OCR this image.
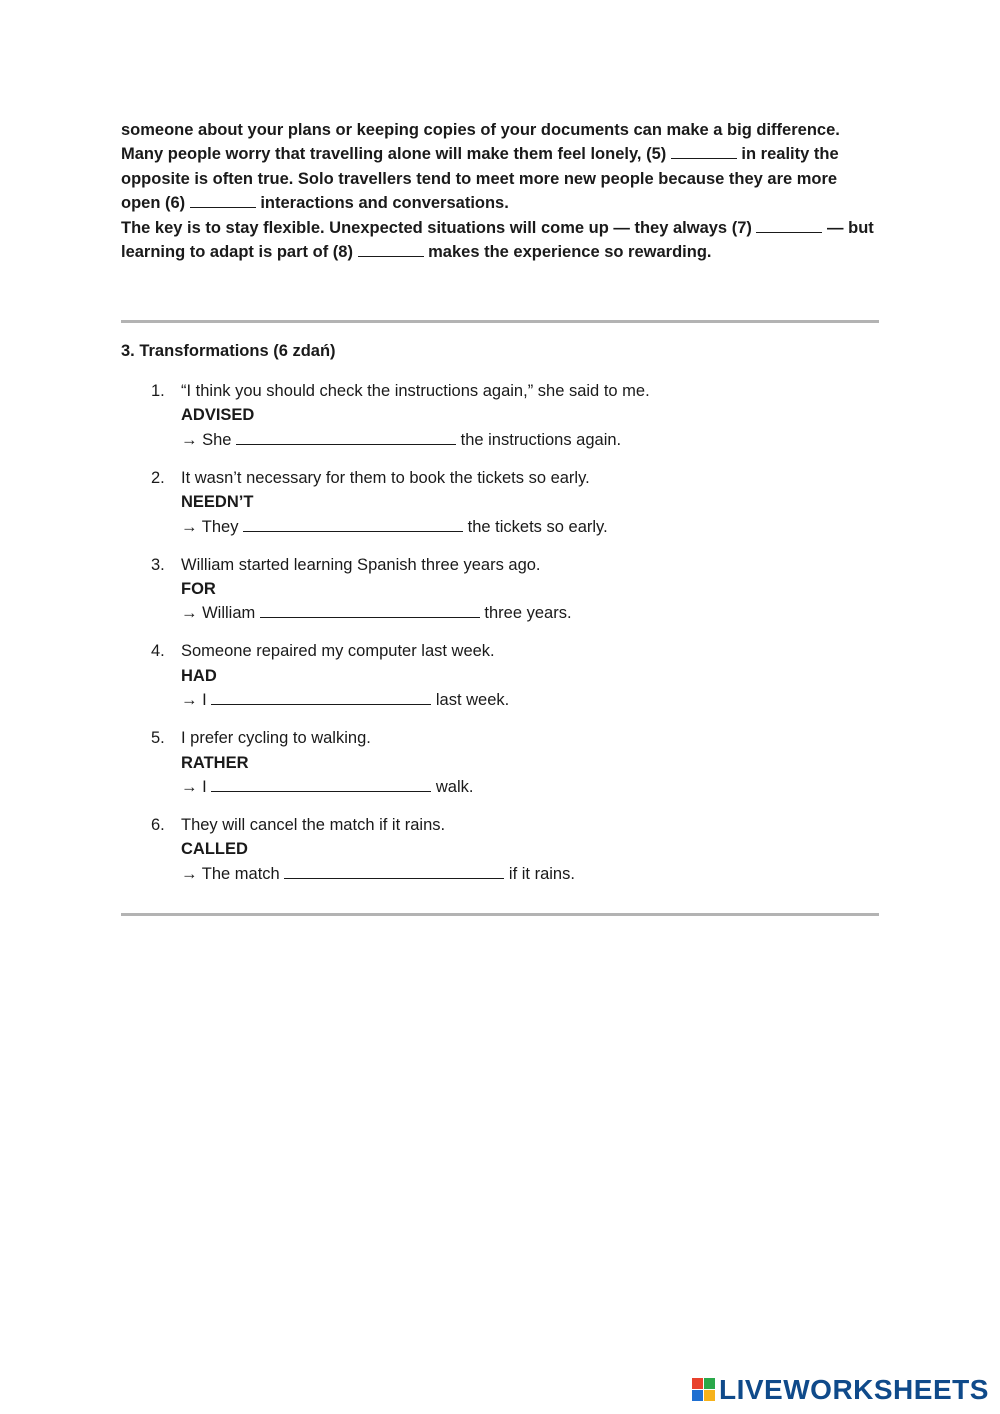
someone about your plans or keeping copies of your documents can make a big difference.

Many people worry that travelling alone will make them feel lonely, (5)	in reality the opposite is often true. Solo travellers tend to meet more new people because they are more open (6)	interactions and conversations.

The key is to stay flexible. Unexpected situations will come up — they always (7)	— but learning to adapt is part of (8)	makes the experience so rewarding.

3. Transformations (6 zdań)

1. “I think you should check the instructions again,” she said to me.
ADVISED
→ She	the instructions again.
2. It wasn’t necessary for them to book the tickets so early.
NEEDN’T
→ They	the tickets so early.
3. William started learning Spanish three years ago.
FOR
→ William	three years.
4. Someone repaired my computer last week.
HAD
→ I	last week.
5. I prefer cycling to walking.
RATHER
→ I	walk.
6. They will cancel the match if it rains.
CALLED
→ The match	if it rains.
LIVEWORKSHEETS
